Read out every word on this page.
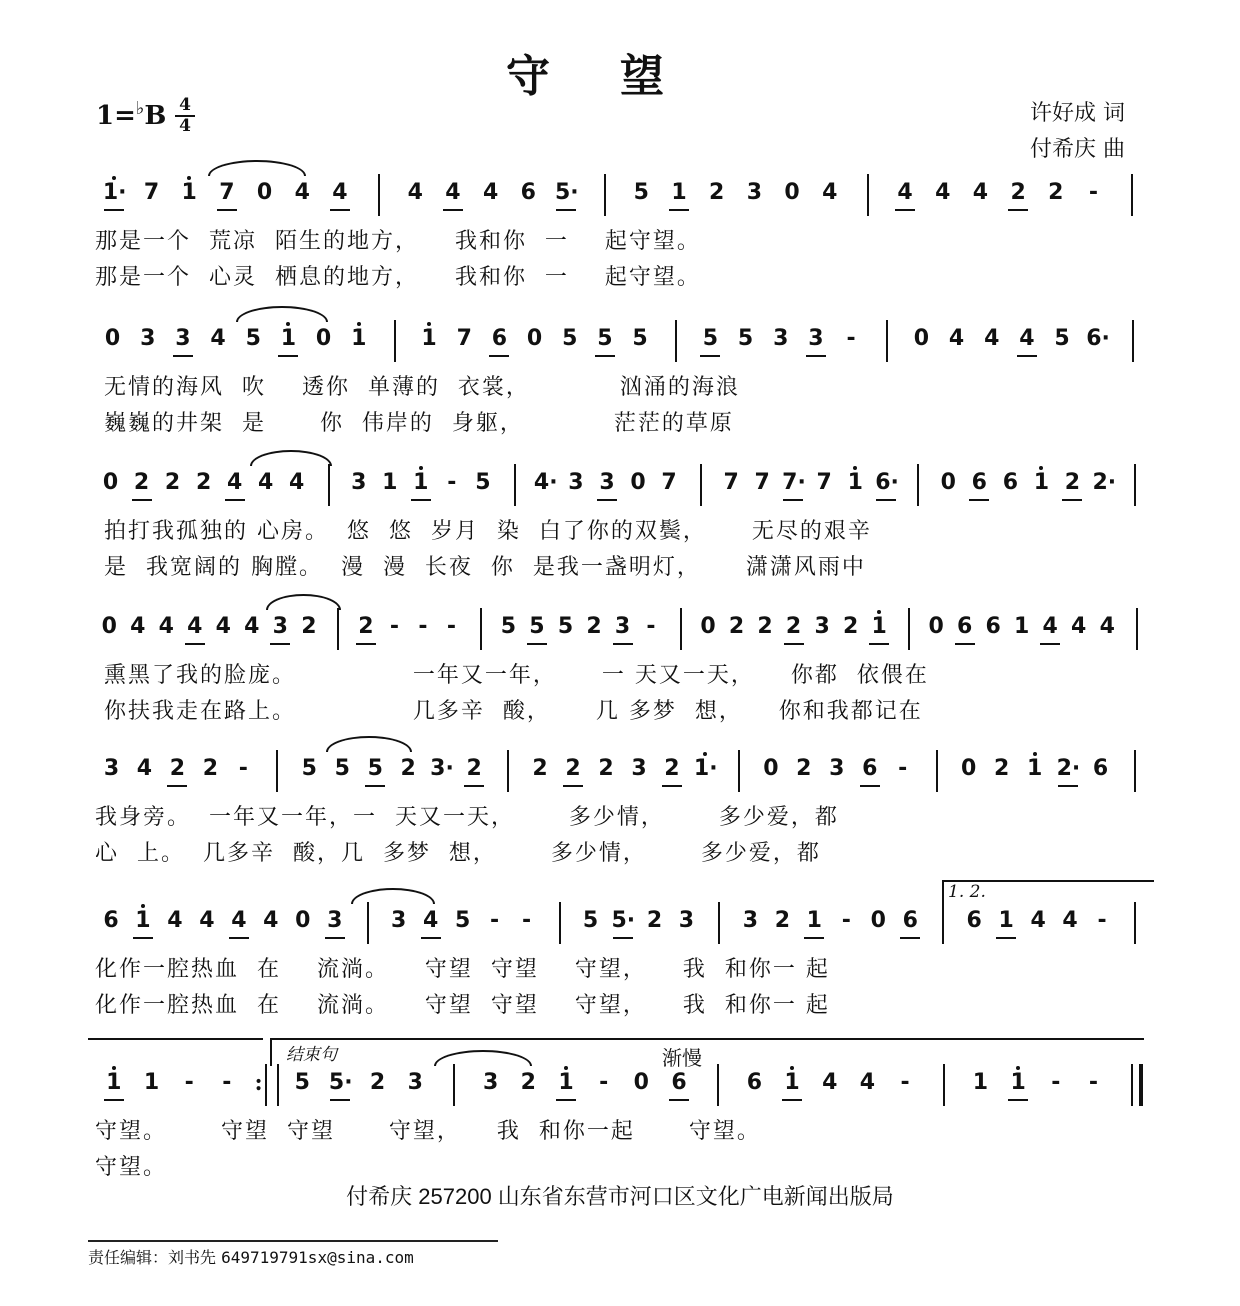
守望
1=♭B 4
4	许好成 词
付希庆 曲
1· 7 1 7 0 4 4	4 4 4 6 5·	5 1 2 3 0 4	4 4 4 2 2 -
那是一个  荒凉  陌生的地方，    我和你  一    起守望。
那是一个  心灵  栖息的地方，    我和你  一    起守望。
0 3 3 4 5 1 0 1	1 7 6 0 5 5 5	5 5 3 3 -	0 4 4 4 5 6·
无情的海风  吹    透你  单薄的  衣裳，          汹涌的海浪
巍巍的井架  是      你  伟岸的  身躯，          茫茫的草原
0 2 2 2 4 4 4 3 1 1 - 5 4· 3 3 0 7 7 7 7· 7 1 6· 0 6 6 1 2 2·
拍打我孤独的 心房。  悠  悠  岁月  染  白了你的双鬓，     无尽的艰辛
是  我宽阔的 胸膛。  漫  漫  长夜  你  是我一盏明灯，     潇潇风雨中
0 4 4 4 4 4 3 2 2 - - - 5 5 5 2 3 - 0 2 2 2 3 2 1 0 6 6 1 4 4 4
熏黑了我的脸庞。             一年又一年，     一 天又一天，    你都  依偎在
你扶我走在路上。             几多辛  酸，     几 多梦  想，    你和我都记在
3 4 2 2 - 5 5 5 2 3· 2 2 2 2 3 2 1· 0 2 3 6 - 0 2 1 2· 6
我身旁。  一年又一年，一  天又一天，      多少情，      多少爱，都
心  上。  几多辛  酸，几  多梦  想，      多少情，      多少爱，都
6 1 4 4 4 4 0 3 3 4 5 - - 5 5· 2 3 3 2 1 - 0 6 6 1 4 4 -
化作一腔热血  在    流淌。    守望  守望    守望，    我  和你一 起
化作一腔热血  在    流淌。    守望  守望    守望，    我  和你一 起
1. 2.
1 1 - -
:	5 5· 2 3	3 2 1 - 0 6	6 1 4 4 -	1 1 - -
守望。      守望  守望      守望，    我  和你一起      守望。
守望。
结束句	渐慢
付希庆 257200 山东省东营市河口区文化广电新闻出版局
责任编辑：刘书先 649719791sx@sina.com
